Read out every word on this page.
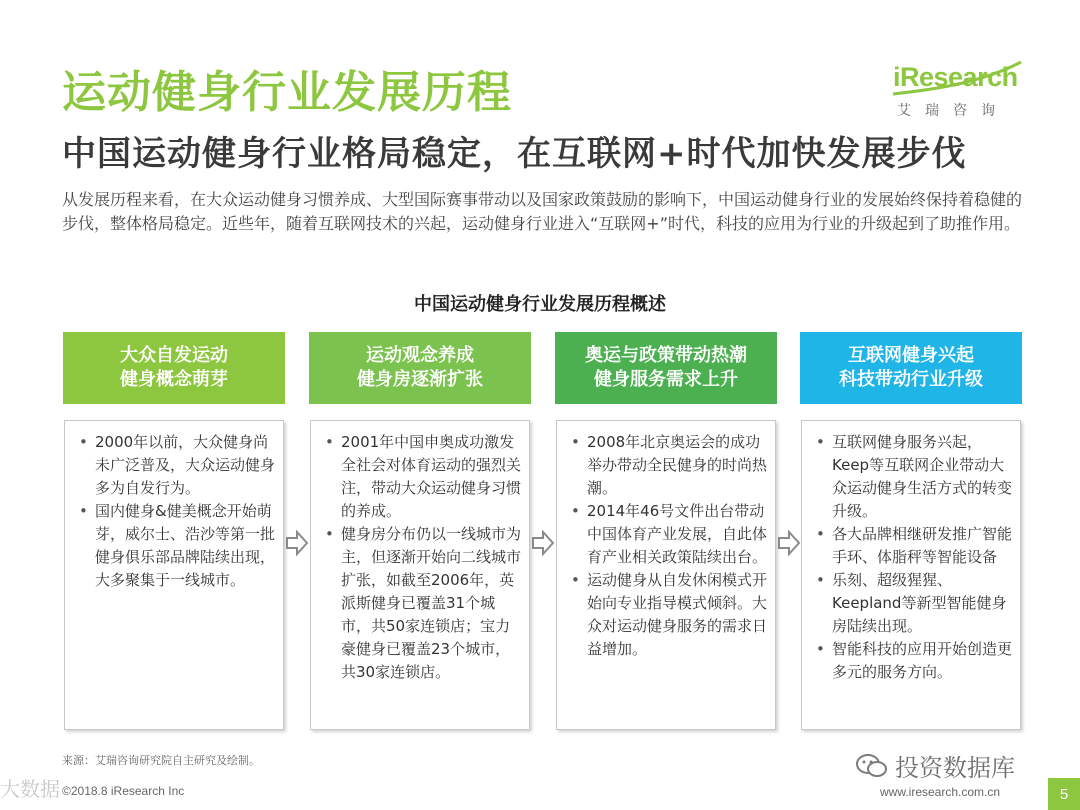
运动健身行业发展历程
中国运动健身行业格局稳定，在互联网+时代加快发展步伐
iResearch
艾瑞咨询
从发展历程来看，在大众运动健身习惯养成、大型国际赛事带动以及国家政策鼓励的影响下，中国运动健身行业的发展始终保持着稳健的步伐，整体格局稳定。近些年，随着互联网技术的兴起，运动健身行业进入“互联网+”时代，科技的应用为行业的升级起到了助推作用。
中国运动健身行业发展历程概述
大众自发运动
健身概念萌芽
• 2000年以前，大众健身尚未广泛普及，大众运动健身多为自发行为。
• 国内健身&健美概念开始萌芽，威尔士、浩沙等第一批健身俱乐部品牌陆续出现，大多聚集于一线城市。
运动观念养成
健身房逐渐扩张
• 2001年中国申奥成功激发全社会对体育运动的强烈关注，带动大众运动健身习惯的养成。
• 健身房分布仍以一线城市为主，但逐渐开始向二线城市扩张，如截至2006年，英派斯健身已覆盖31个城市，共50家连锁店；宝力豪健身已覆盖23个城市，共30家连锁店。
奥运与政策带动热潮
健身服务需求上升
• 2008年北京奥运会的成功举办带动全民健身的时尚热潮。
• 2014年46号文件出台带动中国体育产业发展，自此体育产业相关政策陆续出台。
• 运动健身从自发休闲模式开始向专业指导模式倾斜。大众对运动健身服务的需求日益增加。
互联网健身兴起
科技带动行业升级
• 互联网健身服务兴起，Keep等互联网企业带动大众运动健身生活方式的转变升级。
• 各大品牌相继研发推广智能手环、体脂秤等智能设备
• 乐刻、超级猩猩、Keepland等新型智能健身房陆续出现。
• 智能科技的应用开始创造更多元的服务方向。
来源：艾瑞咨询研究院自主研究及绘制。	投资数据库
大数据 ©2018.8 iResearch Inc	www.iresearch.com.cn	5
